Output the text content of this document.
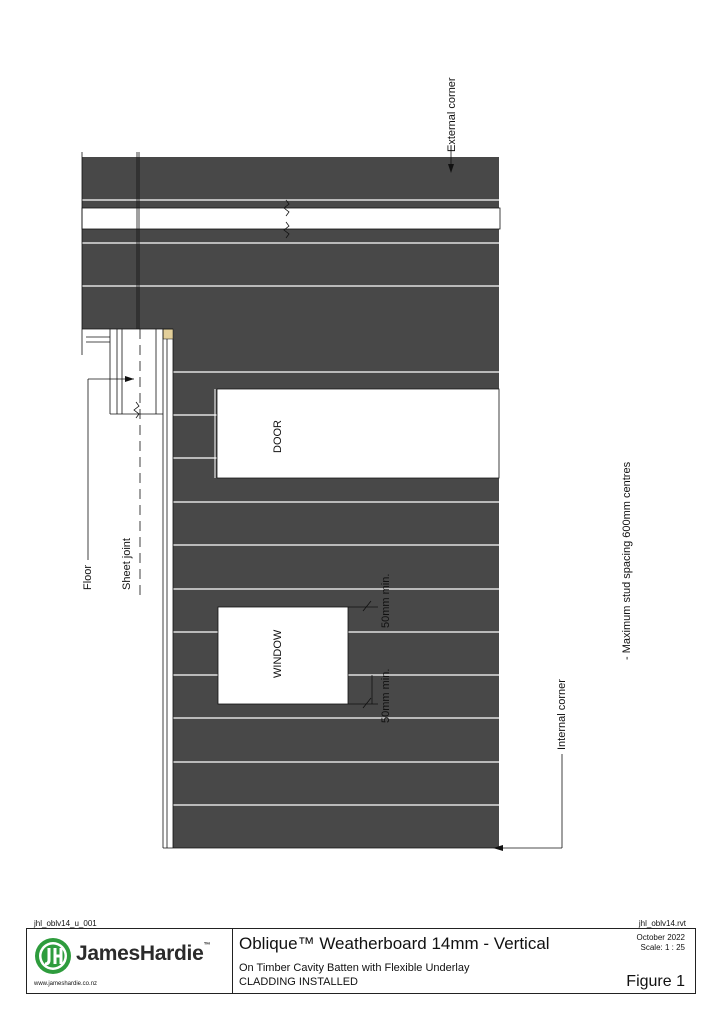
External corner
DOOR
WINDOW
Floor Sheet joint
50mm min.
50mm min.
- Maximum stud spacing 600mm centres
Internal corner
jhl_oblv14_u_001	jhl_oblv14.rvt
JamesHardie™
www.jameshardie.co.nz
Oblique™ Weatherboard 14mm - Vertical
On Timber Cavity Batten with Flexible Underlay
CLADDING INSTALLED
October 2022
Scale: 1 : 25
Figure 1
